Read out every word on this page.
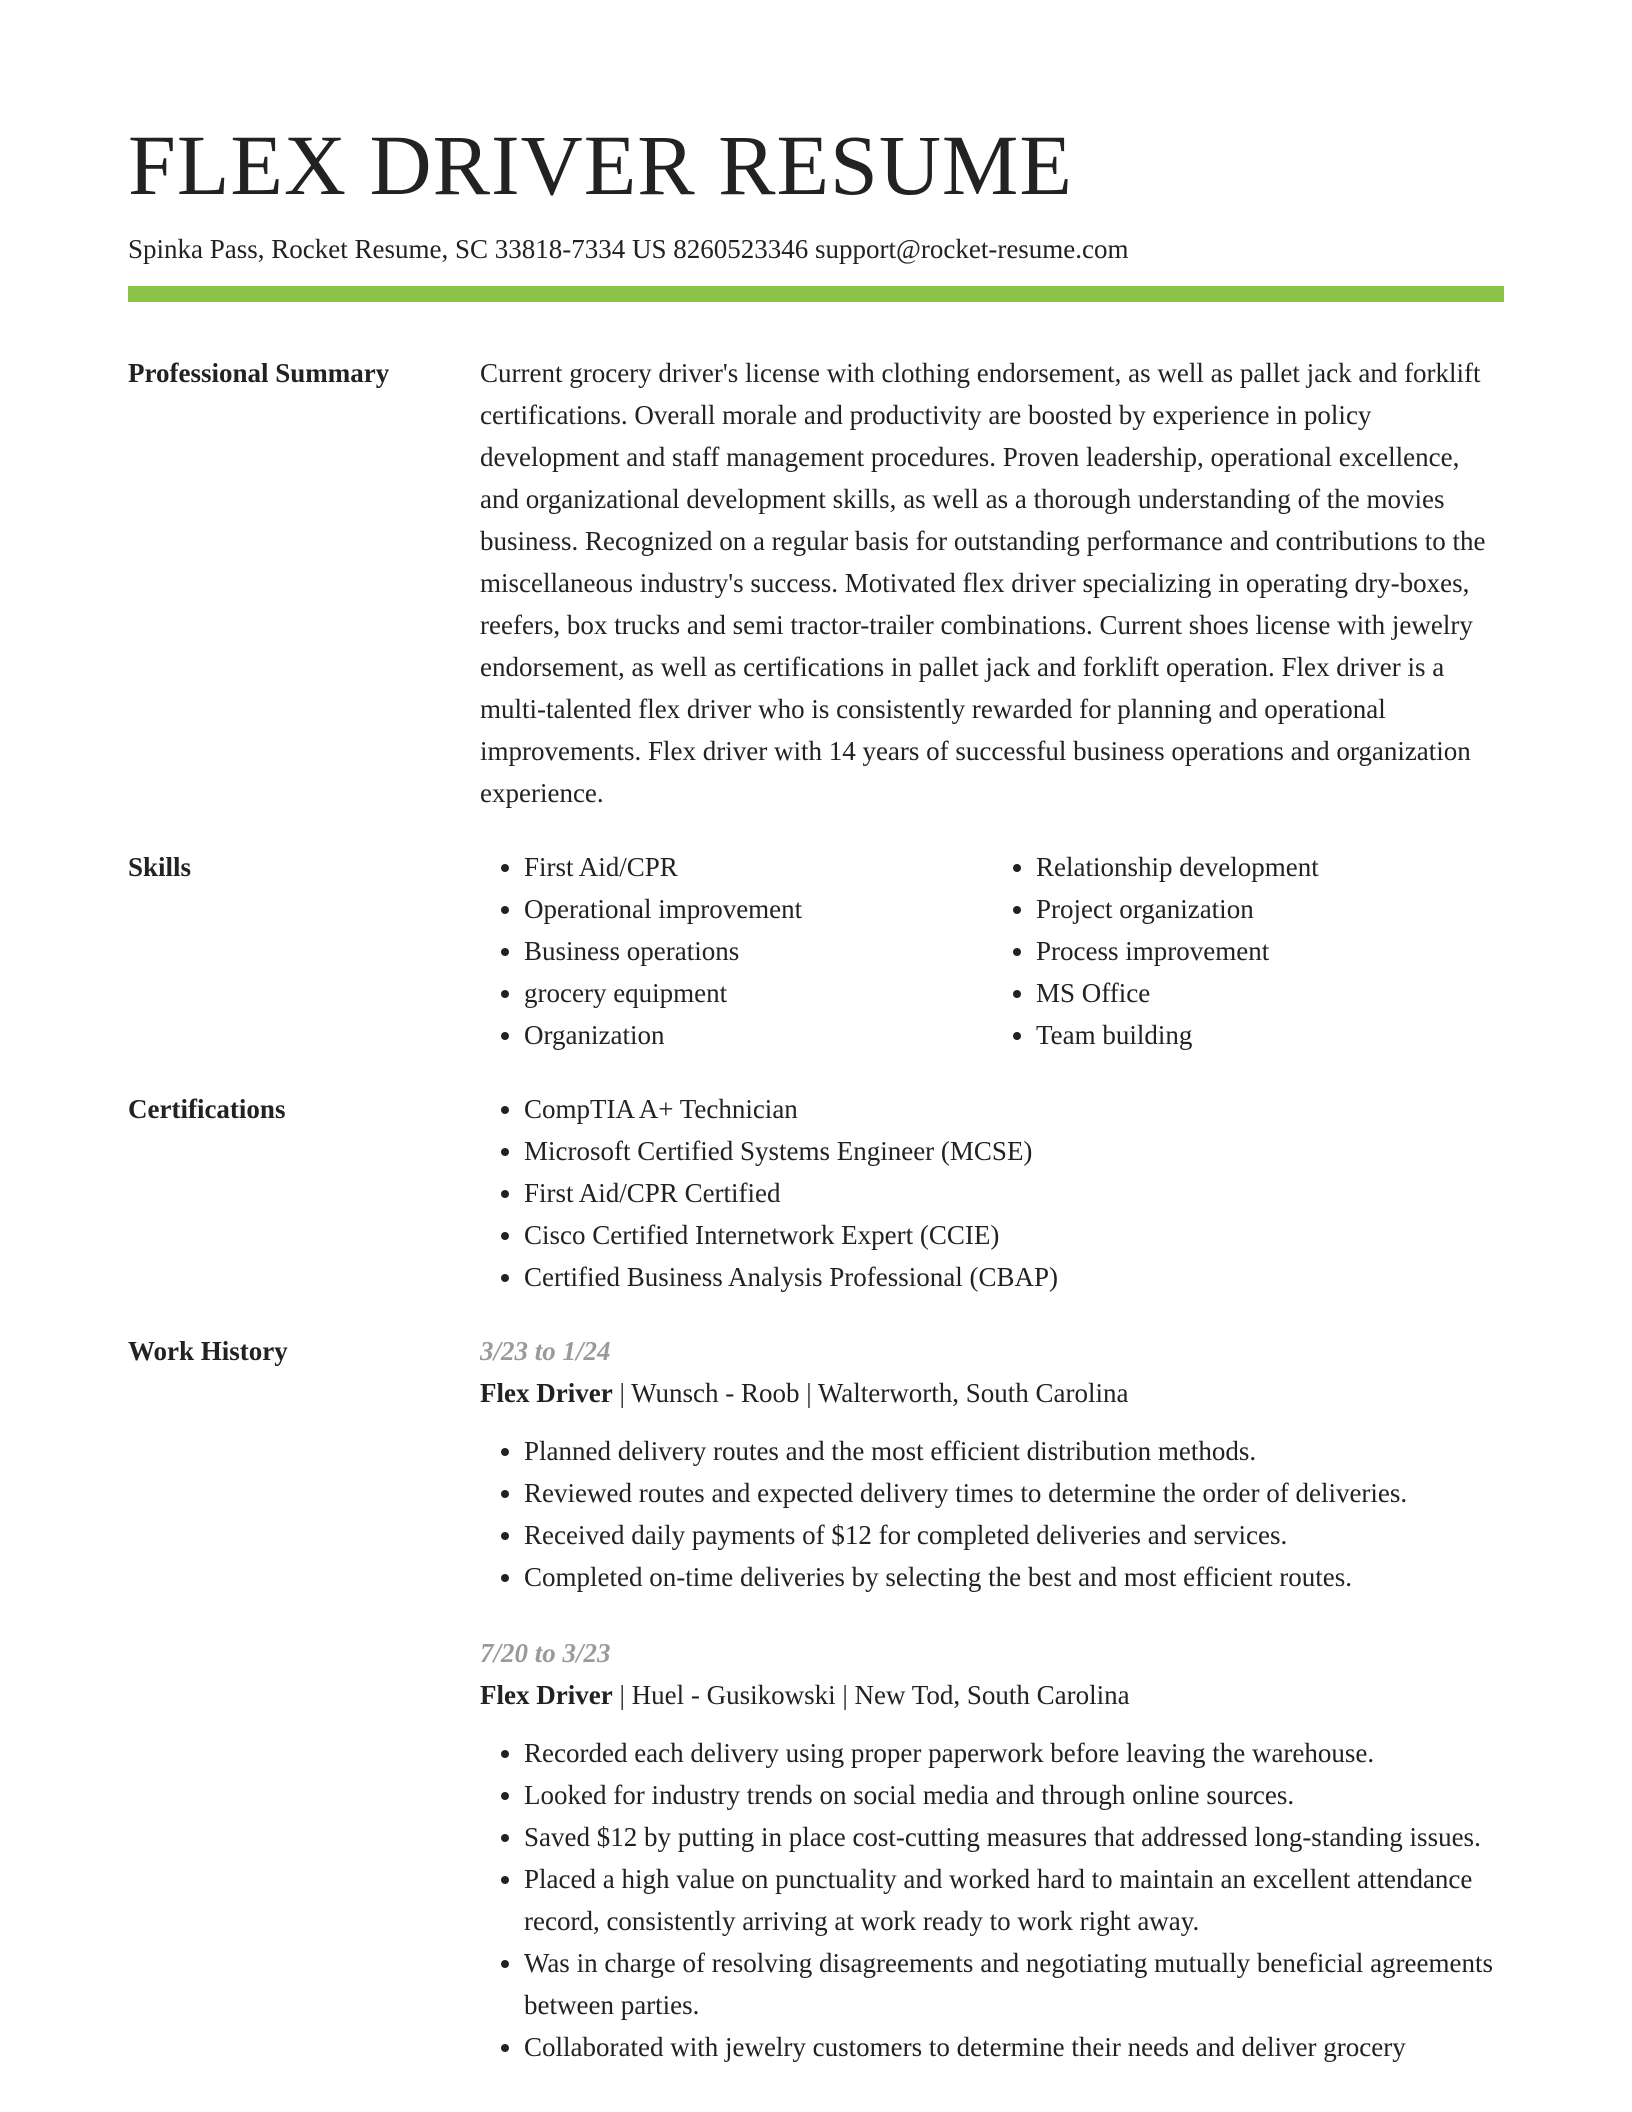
FLEX DRIVER RESUME
Spinka Pass, Rocket Resume, SC 33818-7334 US 8260523346 support@rocket-resume.com
Professional Summary	Current grocery driver's license with clothing endorsement, as well as pallet jack and forklift certifications. Overall morale and productivity are boosted by experience in policy development and staff management procedures. Proven leadership, operational excellence, and organizational development skills, as well as a thorough understanding of the movies business. Recognized on a regular basis for outstanding performance and contributions to the miscellaneous industry's success. Motivated flex driver specializing in operating dry-boxes, reefers, box trucks and semi tractor-trailer combinations. Current shoes license with jewelry endorsement, as well as certifications in pallet jack and forklift operation. Flex driver is a multi-talented flex driver who is consistently rewarded for planning and operational improvements. Flex driver with 14 years of successful business operations and organization experience.

Skills	• First Aid/CPR
• Operational improvement
• Business operations
• grocery equipment
• Organization
• Relationship development
• Project organization
• Process improvement
• MS Office
• Team building
Certifications	• CompTIA A+ Technician
• Microsoft Certified Systems Engineer (MCSE)
• First Aid/CPR Certified
• Cisco Certified Internetwork Expert (CCIE)
• Certified Business Analysis Professional (CBAP)
Work History	3/23 to 1/24
Flex Driver | Wunsch - Roob | Walterworth, South Carolina
• Planned delivery routes and the most efficient distribution methods.
• Reviewed routes and expected delivery times to determine the order of deliveries.
• Received daily payments of $12 for completed deliveries and services.
• Completed on-time deliveries by selecting the best and most efficient routes.
7/20 to 3/23
Flex Driver | Huel - Gusikowski | New Tod, South Carolina
• Recorded each delivery using proper paperwork before leaving the warehouse.
• Looked for industry trends on social media and through online sources.
• Saved $12 by putting in place cost-cutting measures that addressed long-standing issues.
• Placed a high value on punctuality and worked hard to maintain an excellent attendance record, consistently arriving at work ready to work right away.
• Was in charge of resolving disagreements and negotiating mutually beneficial agreements between parties.
• Collaborated with jewelry customers to determine their needs and deliver grocery
